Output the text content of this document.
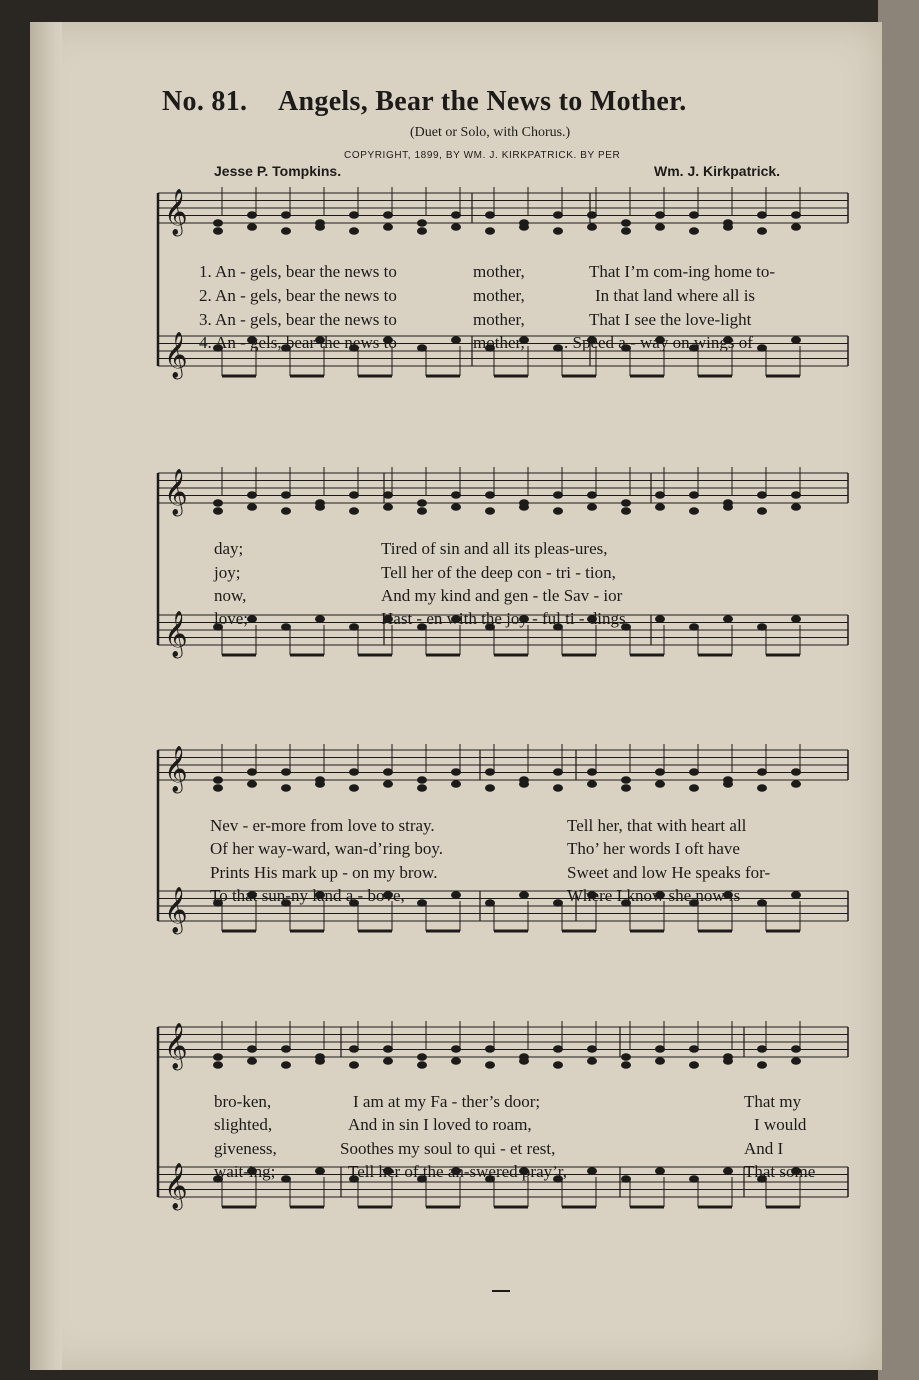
No. 81. Angels, Bear the News to Mother.
(Duet or Solo, with Chorus.)
COPYRIGHT, 1899, BY WM. J. KIRKPATRICK. BY PER
Jesse P. Tompkins.	Wm. J. Kirkpatrick.
𝄞
𝄞
𝄞
𝄞
𝄞
𝄞
𝄞
𝄞
1. An - gels, bear the news to	mother,	That I’m com-ing home to-
2. An - gels, bear the news to	mother,	In that land where all is
3. An - gels, bear the news to	mother,	That I see the love-light
4. An - gels, bear the news to	mother, . Speed a - way on wings of
day;	Tired of sin and all its pleas-ures,
joy;	Tell her of the deep con - tri - tion,
now,	And my kind and gen - tle Sav - ior
love;	Hast - en with the joy - ful ti - dings
Nev - er-more from love to stray.	Tell her, that with heart all
Of her way-ward, wan-d’ring boy.	Tho’ her words I oft have
Prints His mark up - on my brow.	Sweet and low He speaks for-
To that sun-ny land a - bove,	Where I know she now is
bro-ken,	I am at my Fa - ther’s door;	That my
slighted,	And in sin I loved to roam,	I would
giveness,	Soothes my soul to qui - et rest,	And I
wait-ing;	Tell her of the an-swered pray’r,	That some
